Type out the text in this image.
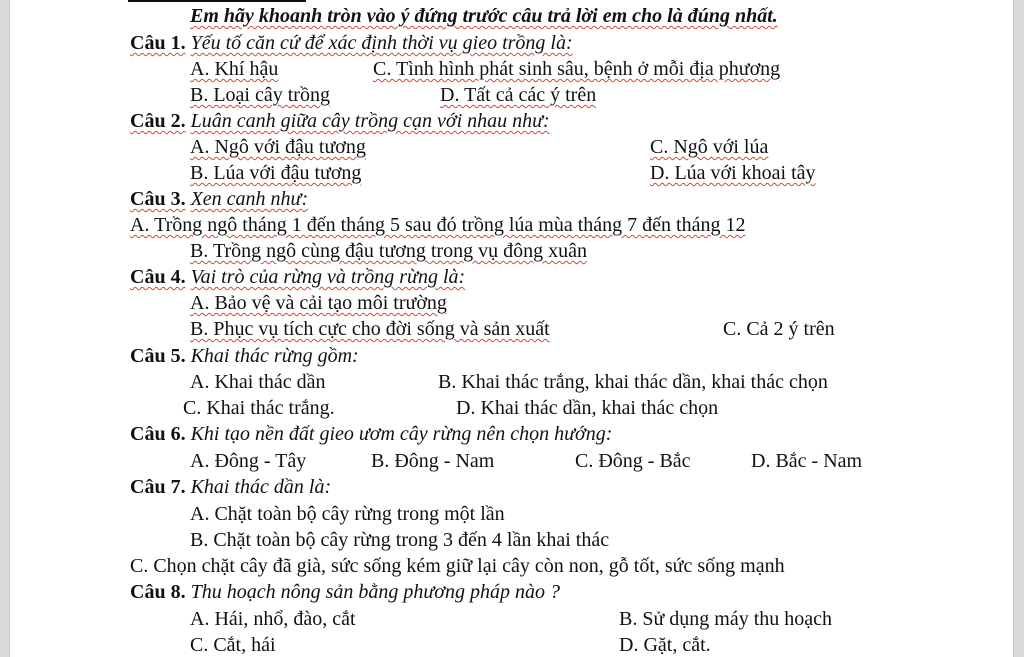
Em hãy khoanh tròn vào ý đứng trước câu trả lời em cho là đúng nhất.
Câu 1. Yếu tố căn cứ để xác định thời vụ gieo trồng là:
A. Khí hậu	C. Tình hình phát sinh sâu, bệnh ở mỗi địa phương
B. Loại cây trồng	D. Tất cả các ý trên
Câu 2. Luân canh giữa cây trồng cạn với nhau như:
A. Ngô với đậu tương	C. Ngô với lúa
B. Lúa với đậu tương	D. Lúa với khoai tây
Câu 3. Xen canh như:
A. Trồng ngô tháng 1 đến tháng 5 sau đó trồng lúa mùa tháng 7 đến tháng 12
B. Trồng ngô cùng đậu tương trong vụ đông xuân
Câu 4. Vai trò của rừng và trồng rừng là:
A. Bảo vệ và cải tạo môi trường
B. Phục vụ tích cực cho đời sống và sản xuất	C. Cả 2 ý trên
Câu 5. Khai thác rừng gồm:
A. Khai thác dần	B. Khai thác trắng, khai thác dần, khai thác chọn
C. Khai thác trắng.	D. Khai thác dần, khai thác chọn
Câu 6. Khi tạo nền đất gieo ươm cây rừng nên chọn hướng:
A. Đông - Tây	B. Đông - Nam	C. Đông - Bắc	D. Bắc - Nam
Câu 7. Khai thác dần là:
A. Chặt toàn bộ cây rừng trong một lần
B. Chặt toàn bộ cây rừng trong 3 đến 4 lần khai thác
C. Chọn chặt cây đã già, sức sống kém giữ lại cây còn non, gỗ tốt, sức sống mạnh
Câu 8. Thu hoạch nông sản bằng phương pháp nào ?
A. Hái, nhổ, đào, cắt	B. Sử dụng máy thu hoạch
C. Cắt, hái	D. Gặt, cắt.
